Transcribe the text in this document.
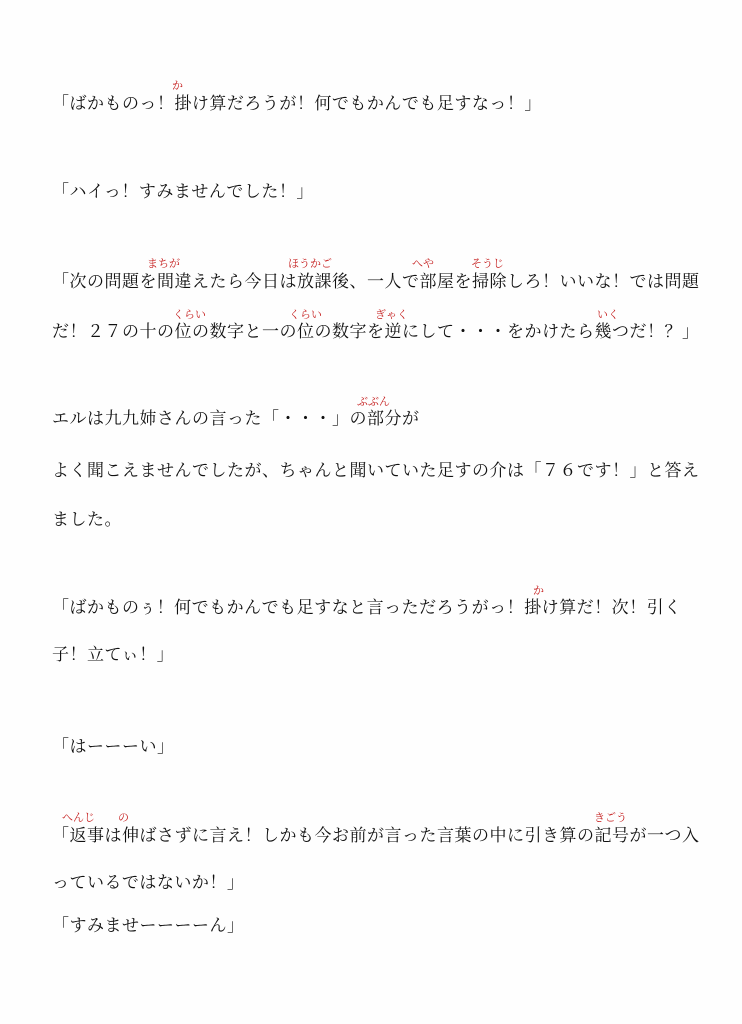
「ばかものっ！掛け算だろうが！何でもかんでも足すなっ！」
「ハイっ！すみませんでした！」
「次の問題を間違えたら今日は放課後、一人で部屋を掃除しろ！いいな！では問題
だ！２７の十の位の数字と一の位の数字を逆にして・・・をかけたら幾つだ！？」
エルは九九姉さんの言った「・・・」の部分が
よく聞こえませんでしたが、ちゃんと聞いていた足すの介は「７６です！」と答え
ました。
「ばかものぅ！何でもかんでも足すなと言っただろうがっ！掛け算だ！次！引く
子！立てぃ！」
「はーーーい」
「返事は伸ばさずに言え！しかも今お前が言った言葉の中に引き算の記号が一つ入
っているではないか！」
「すみませーーーーん」
か
まちが	ほうかご	へや	そうじ
くらい	くらい	ぎゃく	いく
ぶぶん
か
へんじ の	きごう
